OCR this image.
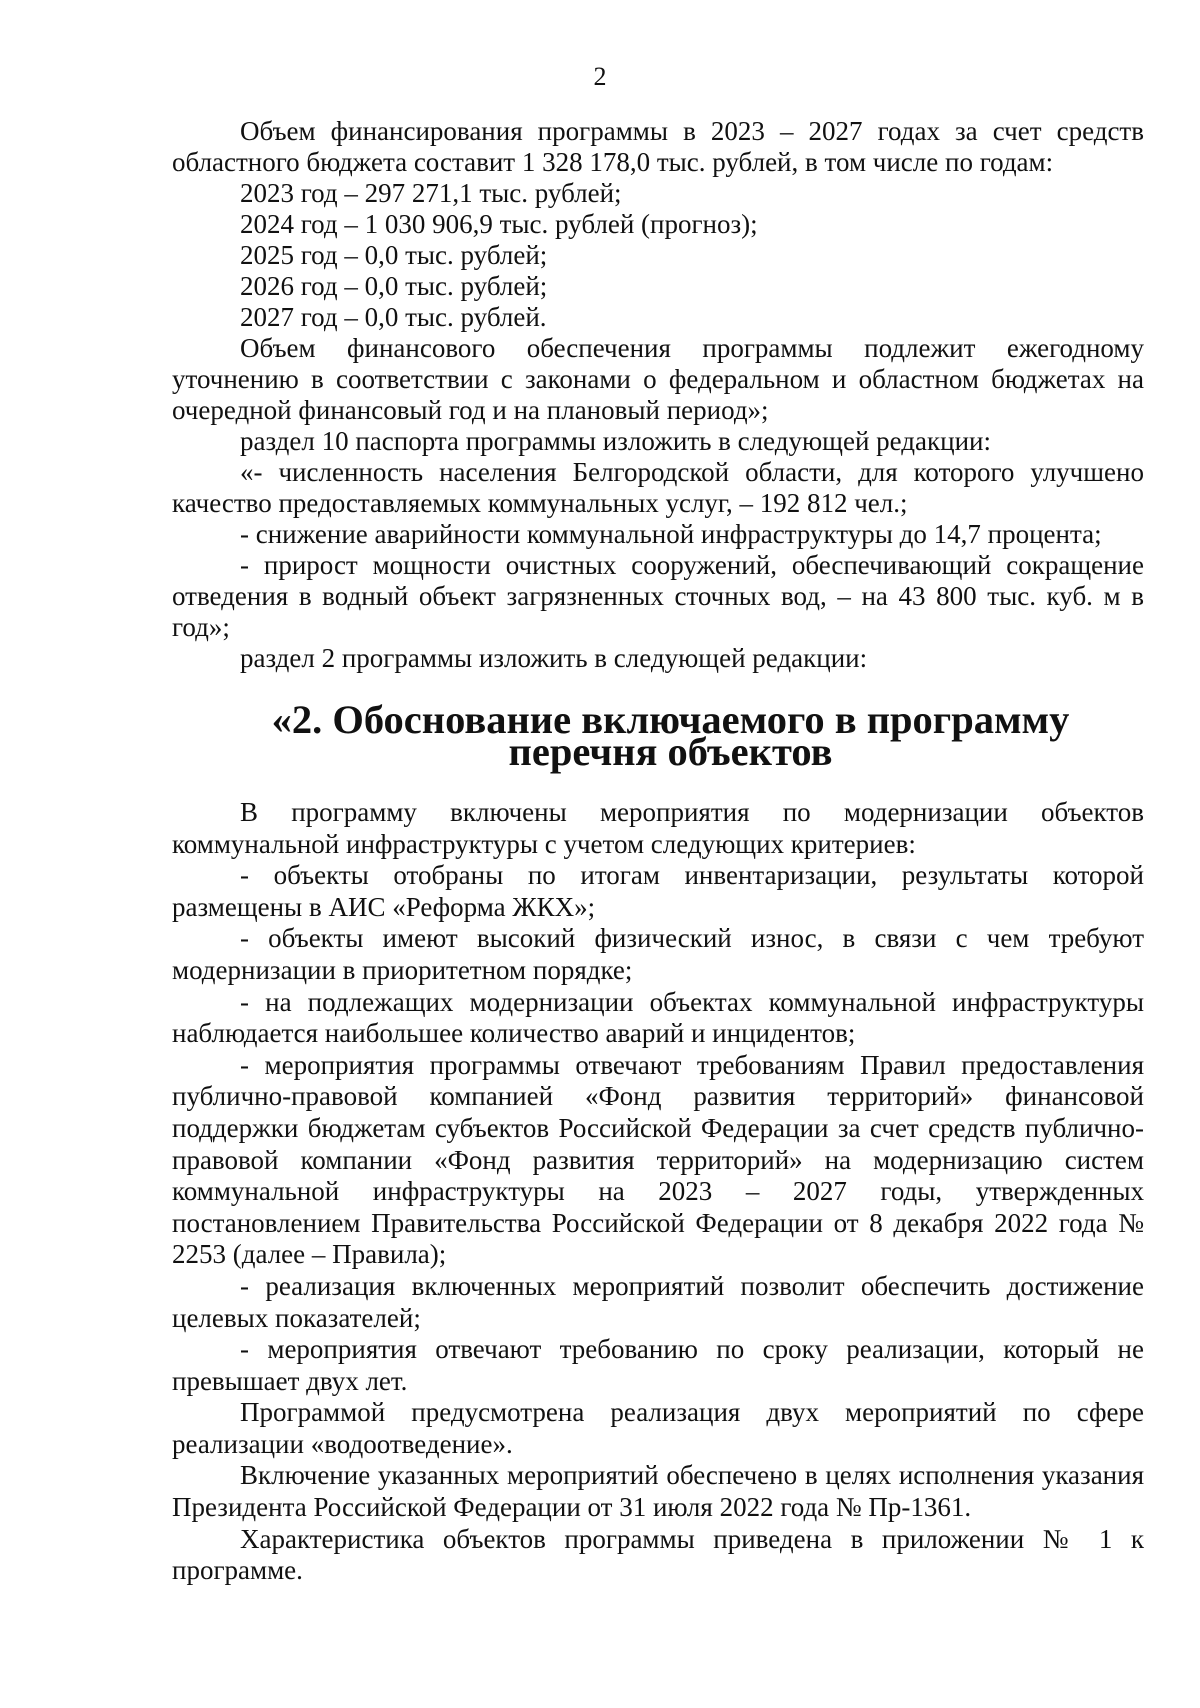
2

Объем финансирования программы в 2023 – 2027 годах за счет средств областного бюджета составит 1 328 178,0 тыс. рублей, в том числе по годам:

2023 год – 297 271,1 тыс. рублей;

2024 год – 1 030 906,9 тыс. рублей (прогноз);

2025 год – 0,0 тыс. рублей;

2026 год – 0,0 тыс. рублей;

2027 год – 0,0 тыс. рублей.

Объем финансового обеспечения программы подлежит ежегодному уточнению в соответствии с законами о федеральном и областном бюджетах на очередной финансовый год и на плановый период»;

раздел 10 паспорта программы изложить в следующей редакции:

«- численность населения Белгородской области, для которого улучшено качество предоставляемых коммунальных услуг, – 192 812 чел.;

- снижение аварийности коммунальной инфраструктуры до 14,7 процента;

- прирост мощности очистных сооружений, обеспечивающий сокращение отведения в водный объект загрязненных сточных вод, – на 43 800 тыс. куб. м в год»;

раздел 2 программы изложить в следующей редакции:

«2. Обоснование включаемого в программу перечня объектов

В программу включены мероприятия по модернизации объектов коммунальной инфраструктуры с учетом следующих критериев:

- объекты отобраны по итогам инвентаризации, результаты которой размещены в АИС «Реформа ЖКХ»;

- объекты имеют высокий физический износ, в связи с чем требуют модернизации в приоритетном порядке;

- на подлежащих модернизации объектах коммунальной инфраструктуры наблюдается наибольшее количество аварий и инцидентов;

- мероприятия программы отвечают требованиям Правил предоставления публично-правовой компанией «Фонд развития территорий» финансовой поддержки бюджетам субъектов Российской Федерации за счет средств публично-правовой компании «Фонд развития территорий» на модернизацию систем коммунальной инфраструктуры на 2023 – 2027 годы, утвержденных постановлением Правительства Российской Федерации от 8 декабря 2022 года № 2253 (далее – Правила);

- реализация включенных мероприятий позволит обеспечить достижение целевых показателей;

- мероприятия отвечают требованию по сроку реализации, который не превышает двух лет.

Программой предусмотрена реализация двух мероприятий по сфере реализации «водоотведение».

Включение указанных мероприятий обеспечено в целях исполнения указания Президента Российской Федерации от 31 июля 2022 года № Пр-1361.

Характеристика объектов программы приведена в приложении № 1 к программе.
